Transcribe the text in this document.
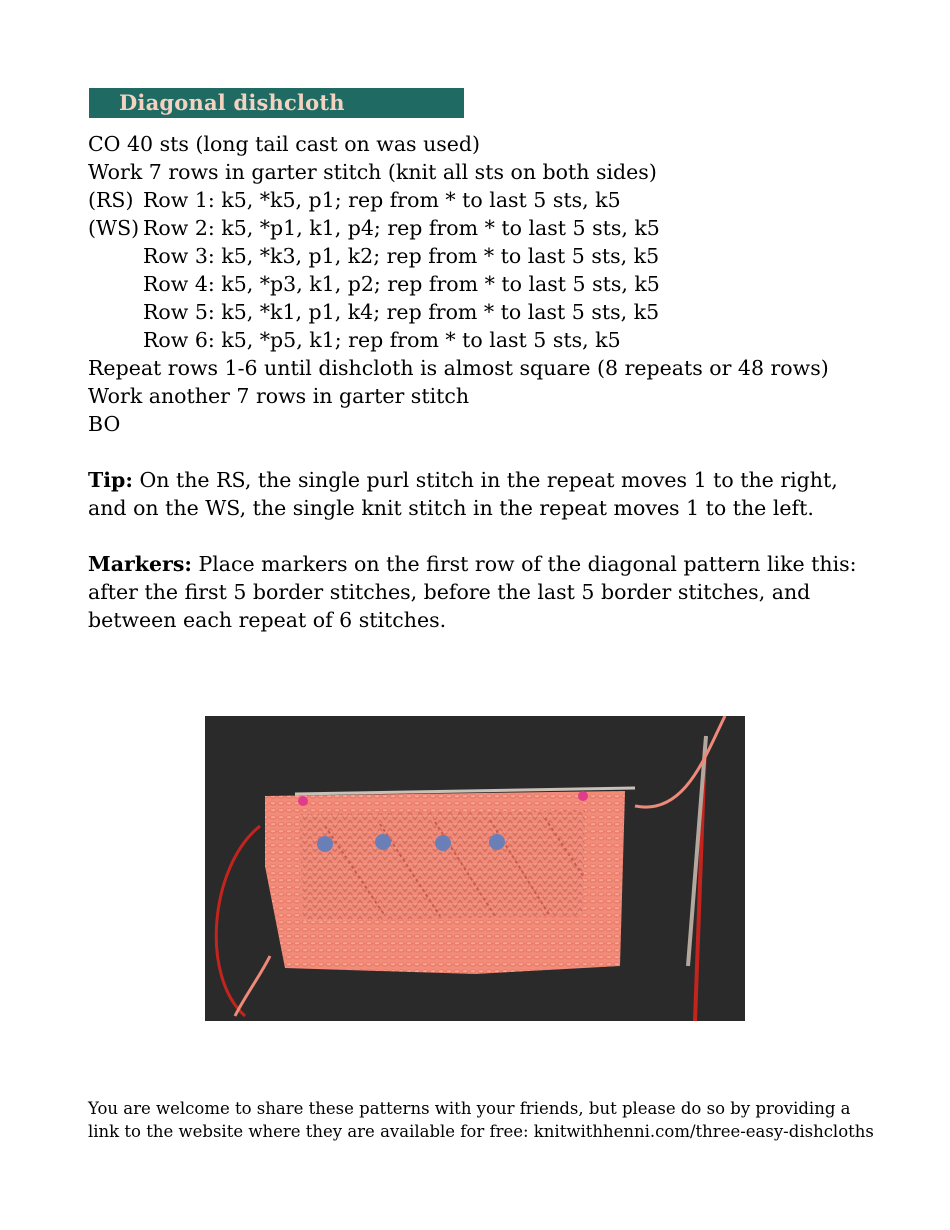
Diagonal dishcloth
CO 40 sts (long tail cast on was used)
Work 7 rows in garter stitch (knit all sts on both sides)
(RS) Row 1: k5, *k5, p1; rep from * to last 5 sts, k5
(WS) Row 2: k5, *p1, k1, p4; rep from * to last 5 sts, k5
Row 3: k5, *k3, p1, k2; rep from * to last 5 sts, k5
Row 4: k5, *p3, k1, p2; rep from * to last 5 sts, k5
Row 5: k5, *k1, p1, k4; rep from * to last 5 sts, k5
Row 6: k5, *p5, k1; rep from * to last 5 sts, k5
Repeat rows 1-6 until dishcloth is almost square (8 repeats or 48 rows)
Work another 7 rows in garter stitch
BO
Tip: On the RS, the single purl stitch in the repeat moves 1 to the right, and on the WS, the single knit stitch in the repeat moves 1 to the left.
Markers: Place markers on the first row of the diagonal pattern like this: after the first 5 border stitches, before the last 5 border stitches, and between each repeat of 6 stitches.
You are welcome to share these patterns with your friends, but please do so by providing a link to the website where they are available for free: knitwithhenni.com/three-easy-dishcloths
